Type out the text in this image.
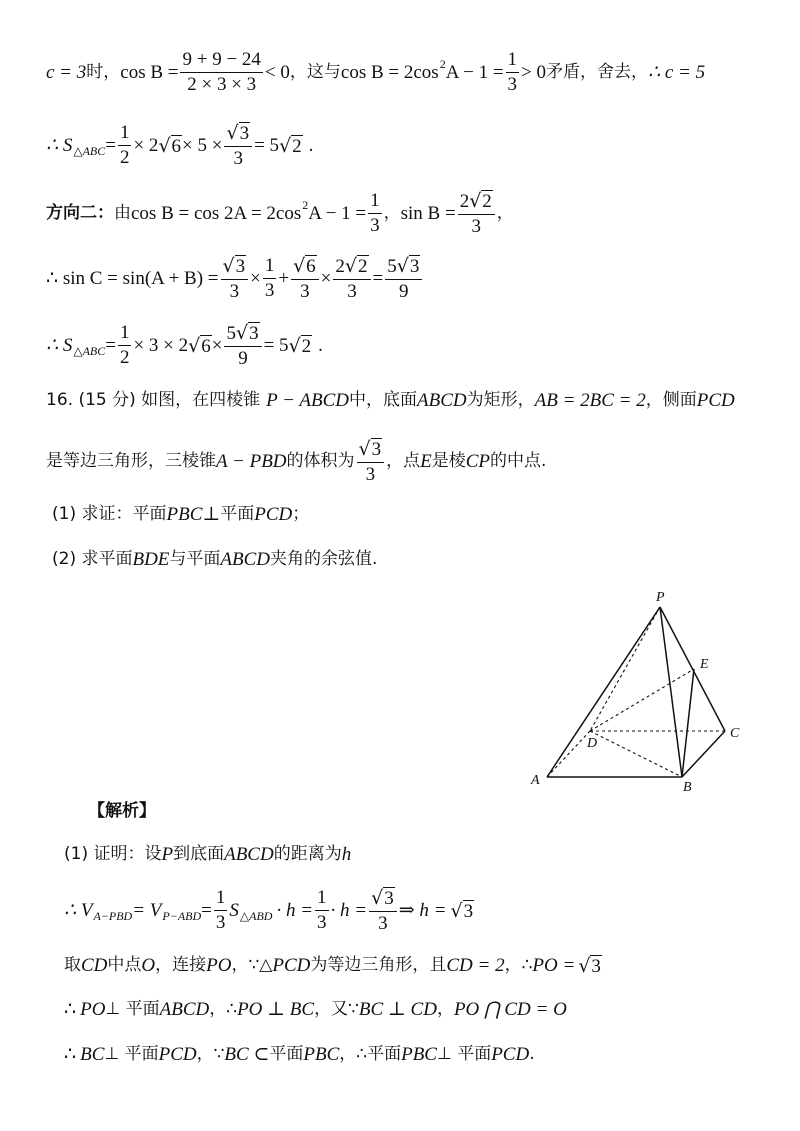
c = 3 时， $\cos B = \frac{9 + 9 - 24}{2 \times 3 \times 3} < 0$ ，这与 cos B = 2cos 2 $A - 1 = \frac{1}{3} > 0$ 矛盾，舍去， ∴ c = 5
∴ S △ABC = $\frac{1}{2} \times 2$ √ $6 \times 5 \times \frac{√ 3}{3} = 5$ √ 2 .
方向二： 由 cos B = cos 2A = 2cos 2 $A - 1 = \frac{1}{3}$ ， $\sin B = \frac{2 √ 2}{3}$ ，
∴ $\sin C = \sin(A + B) = \frac{√ 3}{3} \times \frac{1}{3} + \frac{√ 6}{3} \times \frac{2 √ 2}{3} = \frac{5 √ 3}{9}$
∴ S △ABC = $\frac{1}{2} \times 3 \times 2$ √ $6 \times \frac{5 √ 3}{9} = 5$ √ 2 .
16. (15 分) 如图，在四棱锥 P − ABCD 中，底面 ABCD 为矩形， AB = 2BC = 2 ，侧面 PCD
是等边三角形，三棱锥 A − PBD 的体积为 $\frac{√ 3}{3}$ ，点 E 是棱 CP 的中点.
(1) 求证：平面 PBC ⊥ 平面 PCD ；
(2) 求平面 BDE 与平面 ABCD 夹角的余弦值.
P
E
C
D
A	B
【解析】
(1) 证明：设 P 到底面 ABCD 的距离为 h
∴ V A−PBD = V $P-ABD = \frac{1}{3}$ S △ABD · $h = \frac{1}{3} \cdot h = \frac{√ 3}{3}$ ⇒ h = √ 3
取 CD 中点 O ，连接 PO ，∵△ PCD 为等边三角形，且 CD = 2 ，∴ PO = √ 3
∴ PO ⊥ 平面 ABCD ，∴ PO ⊥ BC ，又∵ BC ⊥ CD ， PO ⋂ CD = O
∴ BC ⊥ 平面 PCD ，∵ BC ⊂ 平面 PBC ，∴平面 PBC ⊥ 平面 PCD .
